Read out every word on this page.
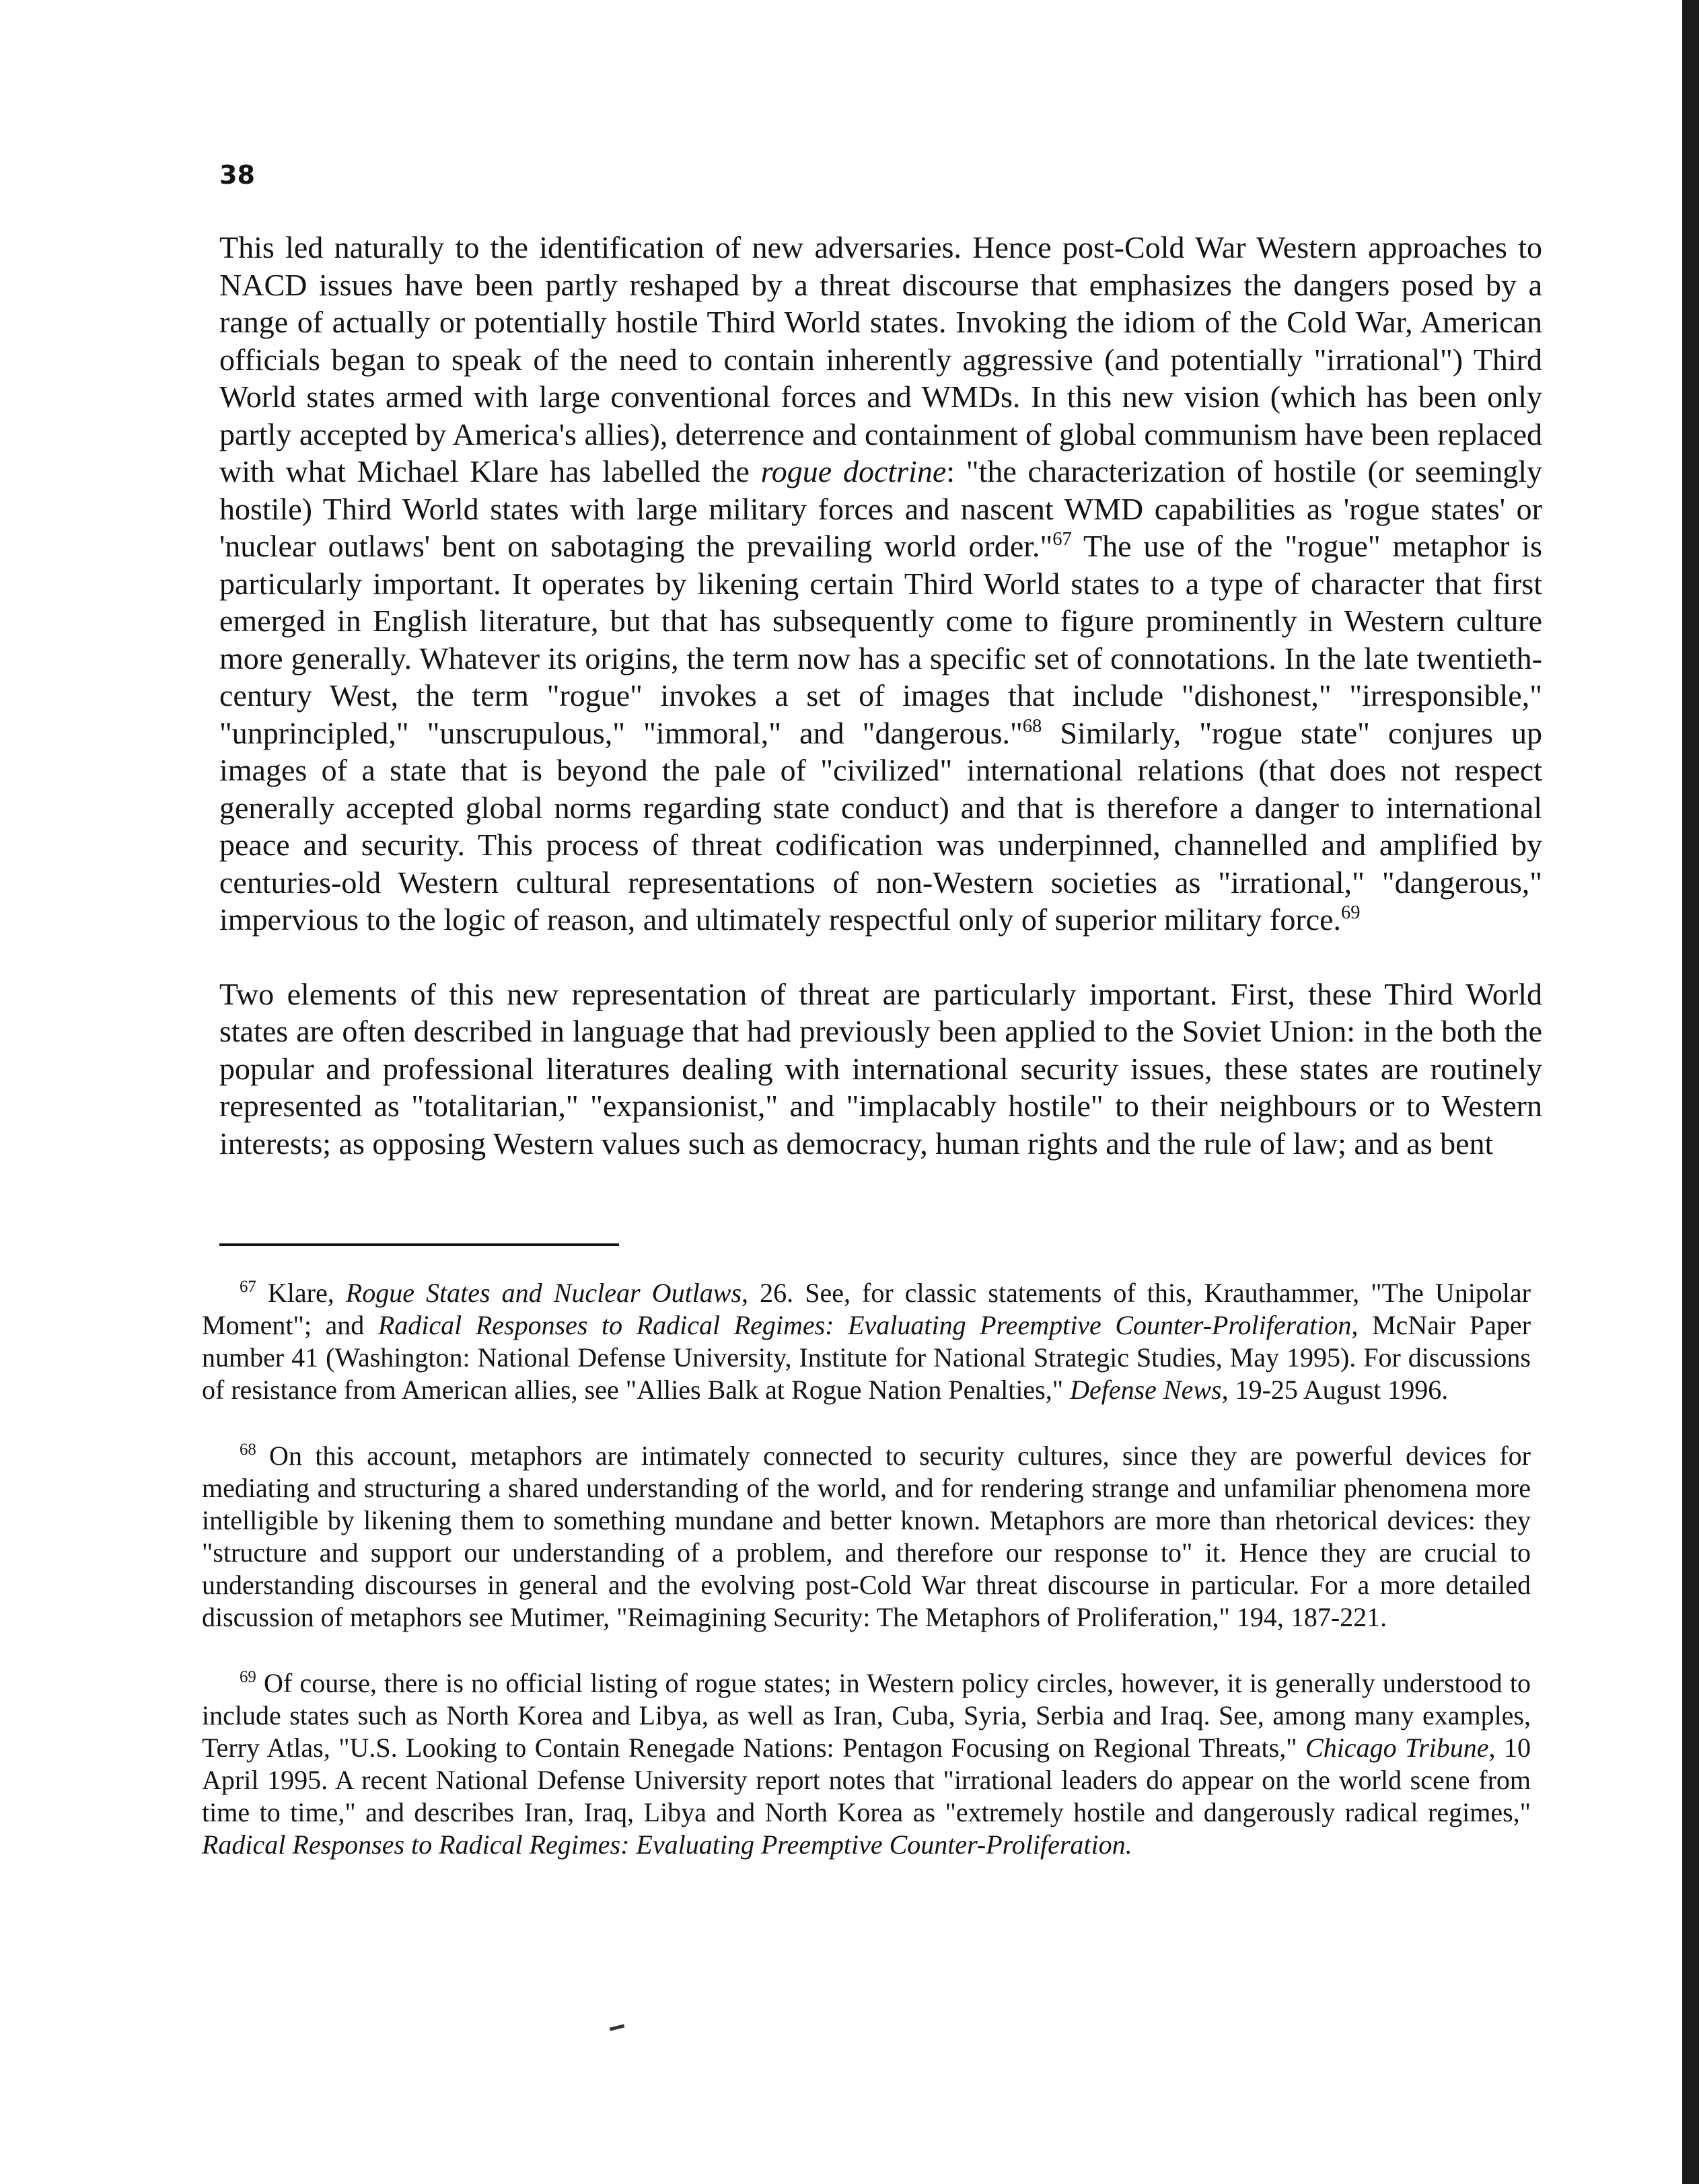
38

This led naturally to the identification of new adversaries. Hence post-Cold War Western approaches to NACD issues have been partly reshaped by a threat discourse that emphasizes the dangers posed by a range of actually or potentially hostile Third World states. Invoking the idiom of the Cold War, American officials began to speak of the need to contain inherently aggressive (and potentially "irrational") Third World states armed with large conventional forces and WMDs. In this new vision (which has been only partly accepted by America's allies), deterrence and containment of global communism have been replaced with what Michael Klare has labelled the rogue doctrine: "the characterization of hostile (or seemingly hostile) Third World states with large military forces and nascent WMD capabilities as 'rogue states' or 'nuclear outlaws' bent on sabotaging the prevailing world order."$^{67}$ The use of the "rogue" metaphor is particularly important. It operates by likening certain Third World states to a type of character that first emerged in English literature, but that has subsequently come to figure prominently in Western culture more generally. Whatever its origins, the term now has a specific set of connotations. In the late twentieth-century West, the term "rogue" invokes a set of images that include "dishonest," "irresponsible," "unprincipled," "unscrupulous," "immoral," and "dangerous."$^{68}$ Similarly, "rogue state" conjures up images of a state that is beyond the pale of "civilized" international relations (that does not respect generally accepted global norms regarding state conduct) and that is therefore a danger to international peace and security. This process of threat codification was underpinned, channelled and amplified by centuries-old Western cultural representations of non-Western societies as "irrational," "dangerous," impervious to the logic of reason, and ultimately respectful only of superior military force.$^{69}$

Two elements of this new representation of threat are particularly important. First, these Third World states are often described in language that had previously been applied to the Soviet Union: in the both the popular and professional literatures dealing with international security issues, these states are routinely represented as "totalitarian," "expansionist," and "implacably hostile" to their neighbours or to Western interests; as opposing Western values such as democracy, human rights and the rule of law; and as bent

$^{67}$ Klare, Rogue States and Nuclear Outlaws, 26. See, for classic statements of this, Krauthammer, "The Unipolar Moment"; and Radical Responses to Radical Regimes: Evaluating Preemptive Counter-Proliferation, McNair Paper number 41 (Washington: National Defense University, Institute for National Strategic Studies, May 1995). For discussions of resistance from American allies, see "Allies Balk at Rogue Nation Penalties," Defense News, 19-25 August 1996.

$^{68}$ On this account, metaphors are intimately connected to security cultures, since they are powerful devices for mediating and structuring a shared understanding of the world, and for rendering strange and unfamiliar phenomena more intelligible by likening them to something mundane and better known. Metaphors are more than rhetorical devices: they "structure and support our understanding of a problem, and therefore our response to" it. Hence they are crucial to understanding discourses in general and the evolving post-Cold War threat discourse in particular. For a more detailed discussion of metaphors see Mutimer, "Reimagining Security: The Metaphors of Proliferation," 194, 187-221.

$^{69}$ Of course, there is no official listing of rogue states; in Western policy circles, however, it is generally understood to include states such as North Korea and Libya, as well as Iran, Cuba, Syria, Serbia and Iraq. See, among many examples, Terry Atlas, "U.S. Looking to Contain Renegade Nations: Pentagon Focusing on Regional Threats," Chicago Tribune, 10 April 1995. A recent National Defense University report notes that "irrational leaders do appear on the world scene from time to time," and describes Iran, Iraq, Libya and North Korea as "extremely hostile and dangerously radical regimes," Radical Responses to Radical Regimes: Evaluating Preemptive Counter-Proliferation.
